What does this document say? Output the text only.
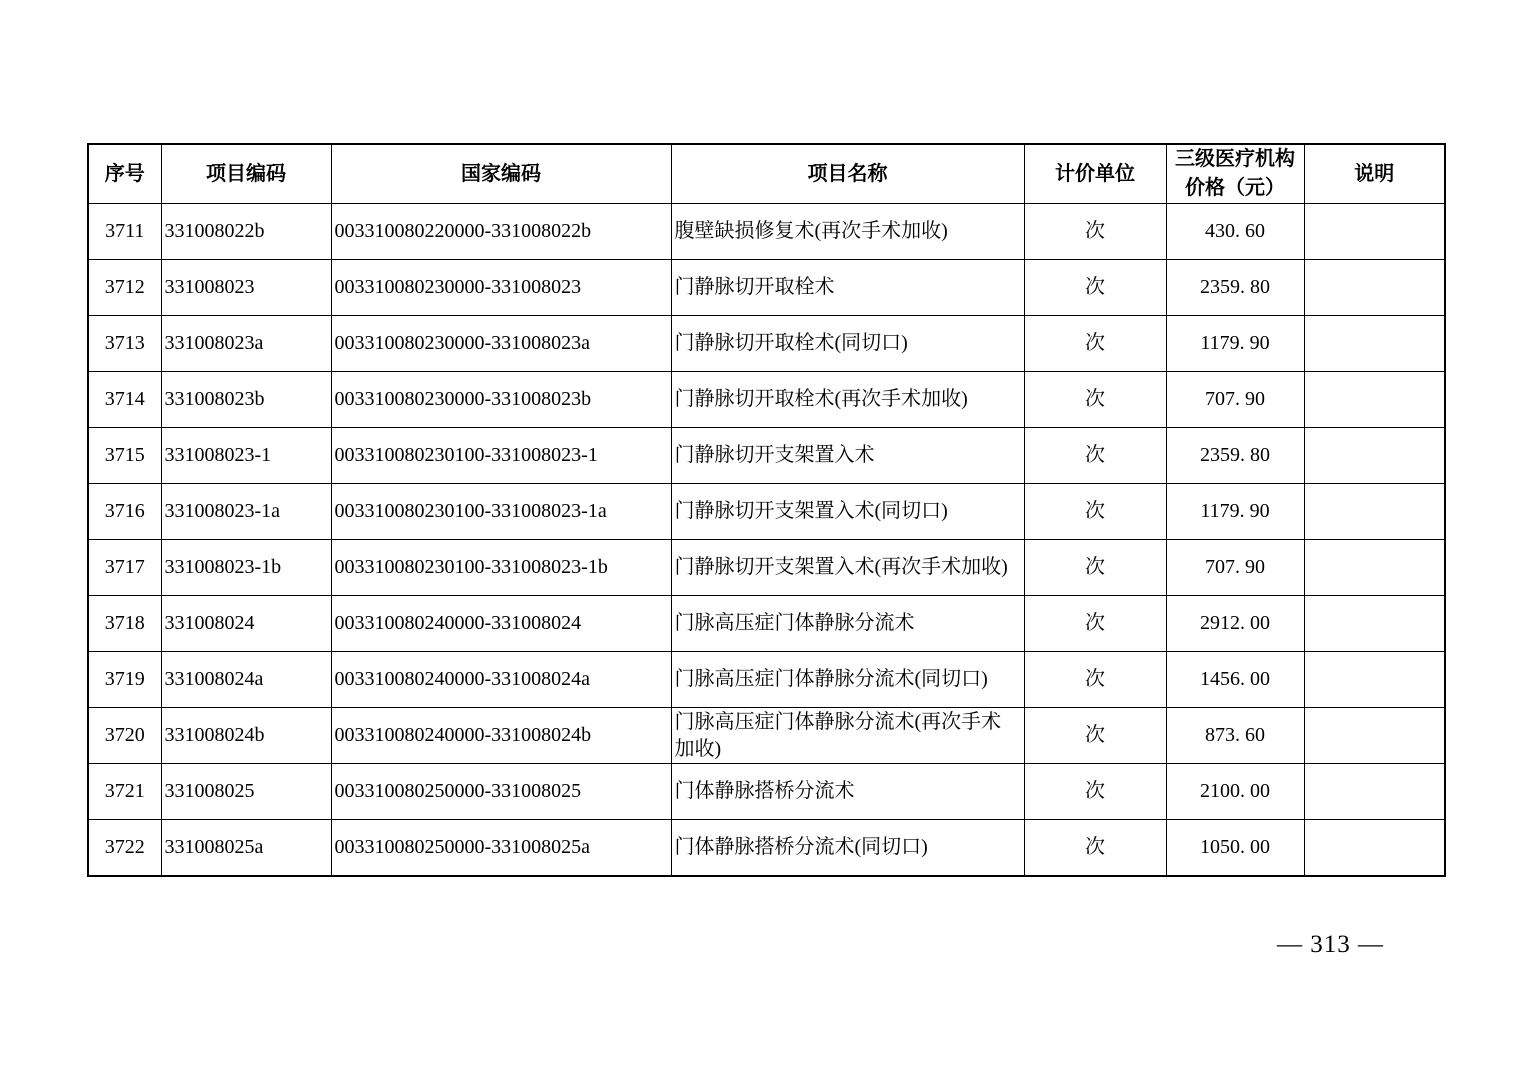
序号	项目编码	国家编码	项目名称	计价单位	三级医疗机构价格（元）	说明
3711	331008022b	003310080220000-331008022b	腹壁缺损修复术(再次手术加收)	次	430. 60	
3712	331008023	003310080230000-331008023	门静脉切开取栓术	次	2359. 80	
3713	331008023a	003310080230000-331008023a	门静脉切开取栓术(同切口)	次	1179. 90	
3714	331008023b	003310080230000-331008023b	门静脉切开取栓术(再次手术加收)	次	707. 90	
3715	331008023-1	003310080230100-331008023-1	门静脉切开支架置入术	次	2359. 80	
3716	331008023-1a	003310080230100-331008023-1a	门静脉切开支架置入术(同切口)	次	1179. 90	
3717	331008023-1b	003310080230100-331008023-1b	门静脉切开支架置入术(再次手术加收)	次	707. 90	
3718	331008024	003310080240000-331008024	门脉高压症门体静脉分流术	次	2912. 00	
3719	331008024a	003310080240000-331008024a	门脉高压症门体静脉分流术(同切口)	次	1456. 00	
3720	331008024b	003310080240000-331008024b	门脉高压症门体静脉分流术(再次手术加收)	次	873. 60	
3721	331008025	003310080250000-331008025	门体静脉搭桥分流术	次	2100. 00	
3722	331008025a	003310080250000-331008025a	门体静脉搭桥分流术(同切口)	次	1050. 00	
— 313 —
